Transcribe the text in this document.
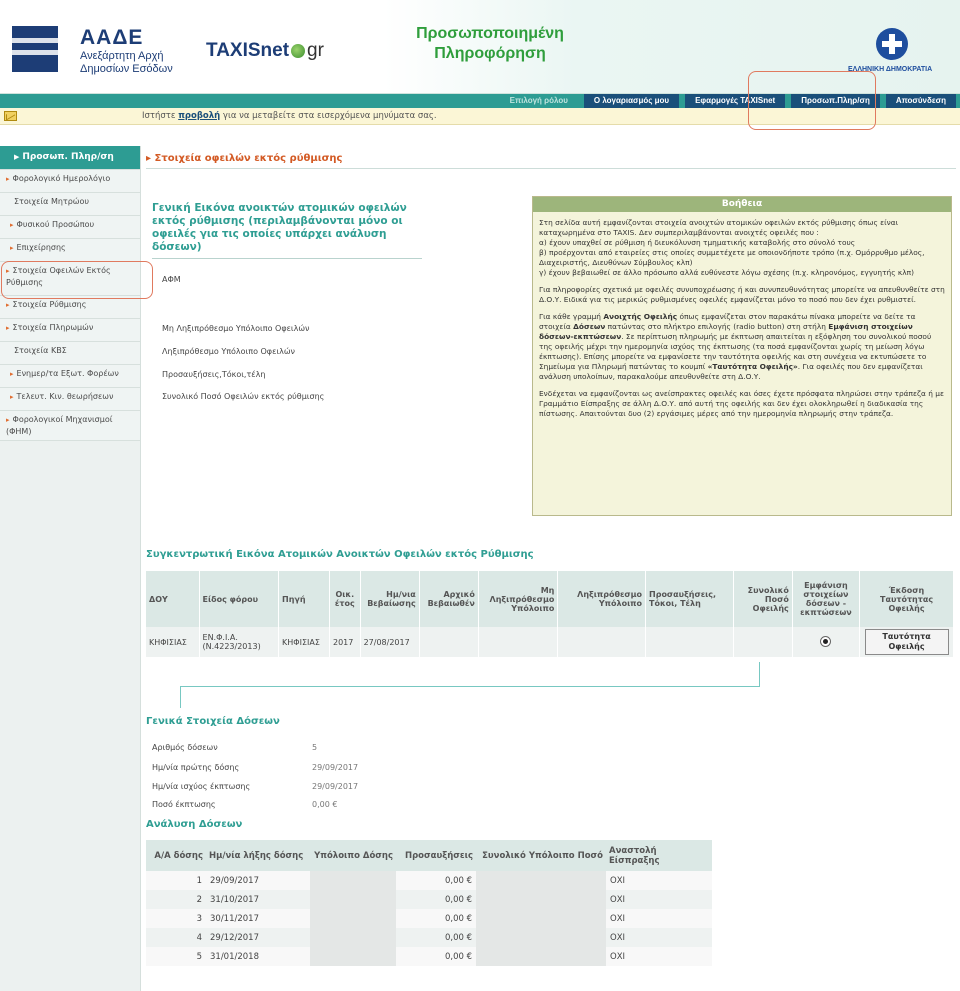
ΑΑΔΕ
Ανεξάρτητη Αρχή Δημοσίων Εσόδων
TAXISnet gr
Προσωποποιημένη Πληροφόρηση
ΕΛΛΗΝΙΚΗ ΔΗΜΟΚΡΑΤΙΑ
Επιλογή ρόλου	Ο λογαριασμός μου	Εφαρμογές TAXISnet	Προσωπ.Πληρ/ση	Αποσύνδεση
Ιστήστε προβολή για να μεταβείτε στα εισερχόμενα μηνύματα σας.
▶ Προσωπ. Πληρ/ση
▸ Φορολογικό Ημερολόγιο
Στοιχεία Μητρώου
▸ Φυσικού Προσώπου
▸ Επιχείρησης
▸ Στοιχεία Οφειλών Εκτός Ρύθμισης
▸ Στοιχεία Ρύθμισης
▸ Στοιχεία Πληρωμών
Στοιχεία ΚΒΣ
▸ Ενημερ/τα Εξωτ. Φορέων
▸ Τελευτ. Κιν. θεωρήσεων
▸ Φορολογικοί Μηχανισμοί (ΦΗΜ)
▸ Στοιχεία οφειλών εκτός ρύθμισης
Γενική Εικόνα ανοικτών ατομικών οφειλών εκτός ρύθμισης (περιλαμβάνονται μόνο οι οφειλές για τις οποίες υπάρχει ανάλυση δόσεων)
ΑΦΜ
Μη Ληξιπρόθεσμο Υπόλοιπο Οφειλών
Ληξιπρόθεσμο Υπόλοιπο Οφειλών
Προσαυξήσεις,Τόκοι,τέλη
Συνολικό Ποσό Οφειλών εκτός ρύθμισης
Βοήθεια

Στη σελίδα αυτή εμφανίζονται στοιχεία ανοιχτών ατομικών οφειλών εκτός ρύθμισης όπως είναι καταχωρημένα στο TAXIS. Δεν συμπεριλαμβάνονται ανοιχτές οφειλές που :
α) έχουν υπαχθεί σε ρύθμιση ή διευκόλυνση τμηματικής καταβολής στο σύνολό τους
β) προέρχονται από εταιρείες στις οποίες συμμετέχετε με οποιονδήποτε τρόπο (π.χ. Ομόρρυθμο μέλος, Διαχειριστής, Διευθύνων Σύμβουλος κλπ)
γ) έχουν βεβαιωθεί σε άλλο πρόσωπο αλλά ευθύνεστε λόγω σχέσης (π.χ. κληρονόμος, εγγυητής κλπ)

Για πληροφορίες σχετικά με οφειλές συνυποχρέωσης ή και συνυπευθυνότητας μπορείτε να απευθυνθείτε στη Δ.Ο.Υ. Ειδικά για τις μερικώς ρυθμισμένες οφειλές εμφανίζεται μόνο το ποσό που δεν έχει ρυθμιστεί.

Για κάθε γραμμή Ανοιχτής Οφειλής όπως εμφανίζεται στον παρακάτω πίνακα μπορείτε να δείτε τα στοιχεία Δόσεων πατώντας στο πλήκτρο επιλογής (radio button) στη στήλη Εμφάνιση στοιχείων δόσεων-εκπτώσεων. Σε περίπτωση πληρωμής με έκπτωση απαιτείται η εξόφληση του συνολικού ποσού της οφειλής μέχρι την ημερομηνία ισχύος της έκπτωσης (τα ποσά εμφανίζονται χωρίς τη μείωση λόγω έκπτωσης). Επίσης μπορείτε να εμφανίσετε την ταυτότητα οφειλής και στη συνέχεια να εκτυπώσετε το Σημείωμα για Πληρωμή πατώντας το κουμπί «Ταυτότητα Οφειλής». Για οφειλές που δεν εμφανίζεται ανάλυση υπολοίπων, παρακαλούμε απευθυνθείτε στη Δ.Ο.Υ.

Ενδέχεται να εμφανίζονται ως ανείσπρακτες οφειλές και όσες έχετε πρόσφατα πληρώσει στην τράπεζα ή με Γραμμάτιο Είσπραξης σε άλλη Δ.Ο.Υ. από αυτή της οφειλής και δεν έχει ολοκληρωθεί η διαδικασία της πίστωσης. Απαιτούνται δυο (2) εργάσιμες μέρες από την ημερομηνία πληρωμής στην τράπεζα.

Συγκεντρωτική Εικόνα Ατομικών Ανοικτών Οφειλών εκτός Ρύθμισης
ΔΟΥ	Είδος φόρου	Πηγή	Οικ. έτος	Ημ/νια Βεβαίωσης	Αρχικό Βεβαιωθέν	Μη Ληξιπρόθεσμο Υπόλοιπο	Ληξιπρόθεσμο Υπόλοιπο	Προσαυξήσεις, Τόκοι, Τέλη	Συνολικό Ποσό Οφειλής	Εμφάνιση στοιχείων δόσεων - εκπτώσεων	Έκδοση Ταυτότητας Οφειλής
ΚΗΦΙΣΙΑΣ	ΕΝ.Φ.Ι.Α. (Ν.4223/2013)	ΚΗΦΙΣΙΑΣ	2017	27/08/2017							Ταυτότητα Οφειλής
Γενικά Στοιχεία Δόσεων
Αριθμός δόσεων	5
Ημ/νία πρώτης δόσης	29/09/2017
Ημ/νία ισχύος έκπτωσης	29/09/2017
Ποσό έκπτωσης	0,00 €
Ανάλυση Δόσεων
Α/Α δόσης	Ημ/νία λήξης δόσης	Υπόλοιπο Δόσης	Προσαυξήσεις	Συνολικό Υπόλοιπο Ποσό	Αναστολή Είσπραξης
1	29/09/2017		0,00 €		ΟΧΙ
2	31/10/2017		0,00 €		ΟΧΙ
3	30/11/2017		0,00 €		ΟΧΙ
4	29/12/2017		0,00 €		ΟΧΙ
5	31/01/2018		0,00 €		ΟΧΙ
